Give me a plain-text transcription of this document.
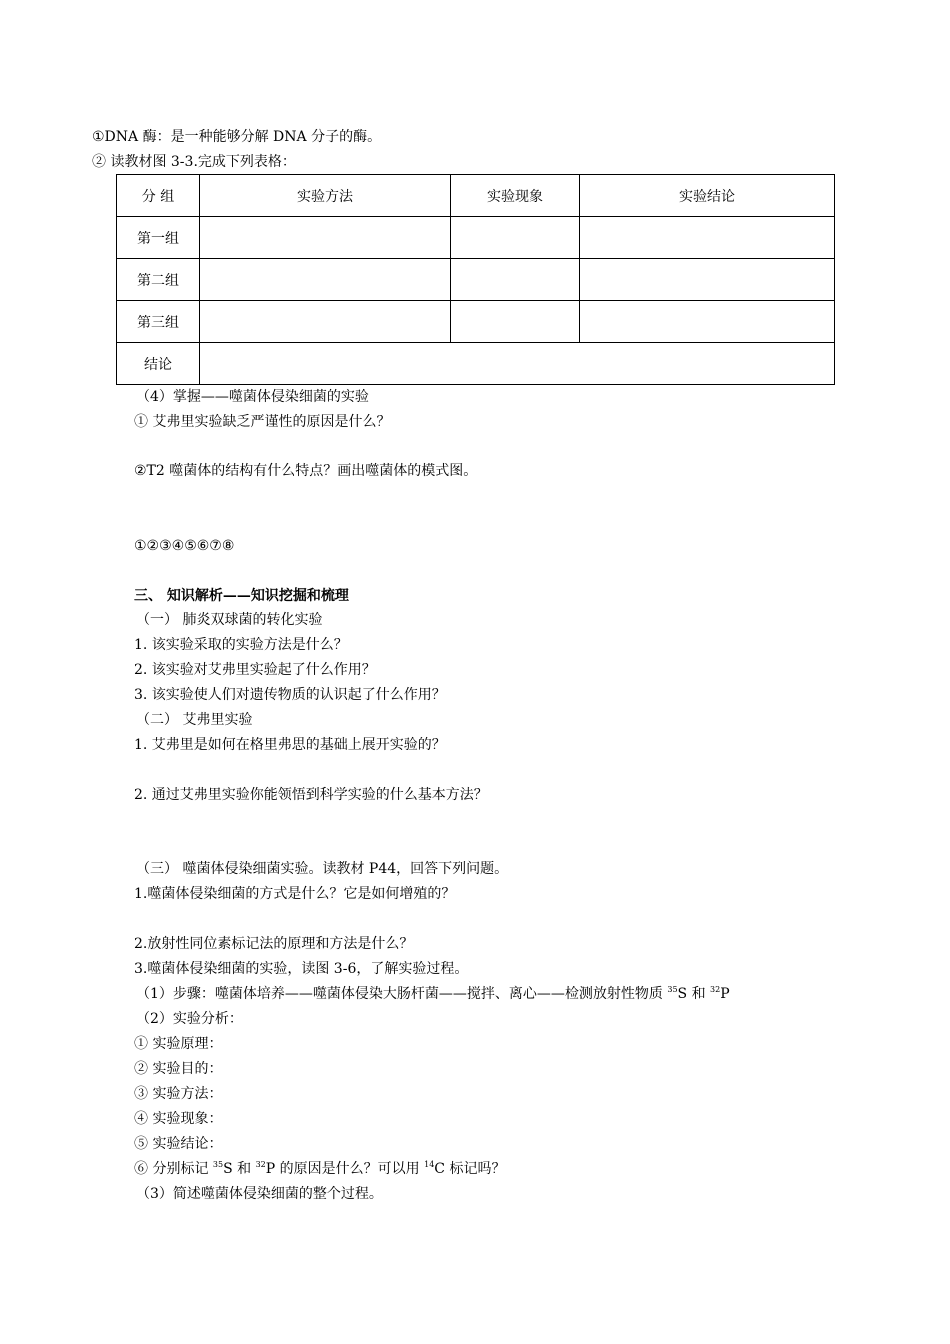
①DNA 酶：是一种能够分解 DNA 分子的酶。
② 读教材图 3-3.完成下列表格：
分 组	实验方法	实验现象	实验结论
第一组			
第二组			
第三组			
结论			
（4）掌握——噬菌体侵染细菌的实验
① 艾弗里实验缺乏严谨性的原因是什么？
②T2 噬菌体的结构有什么特点？画出噬菌体的模式图。
①②③④⑤⑥⑦⑧
三、 知识解析——知识挖掘和梳理
（一） 肺炎双球菌的转化实验
1. 该实验采取的实验方法是什么？
2. 该实验对艾弗里实验起了什么作用？
3. 该实验使人们对遗传物质的认识起了什么作用？
（二） 艾弗里实验
1. 艾弗里是如何在格里弗思的基础上展开实验的？
2. 通过艾弗里实验你能领悟到科学实验的什么基本方法？
（三） 噬菌体侵染细菌实验。读教材 P44，回答下列问题。
1.噬菌体侵染细菌的方式是什么？它是如何增殖的？
2.放射性同位素标记法的原理和方法是什么？
3.噬菌体侵染细菌的实验，读图 3-6，了解实验过程。
（1）步骤：噬菌体培养——噬菌体侵染大肠杆菌——搅拌、离心——检测放射性物质 $^{35}$S 和 $^{32}$P
（2）实验分析：
① 实验原理：
② 实验目的：
③ 实验方法：
④ 实验现象：
⑤ 实验结论：
⑥ 分别标记 $^{35}$S 和 $^{32}$P 的原因是什么？可以用 $^{14}$C 标记吗？
（3）简述噬菌体侵染细菌的整个过程。
